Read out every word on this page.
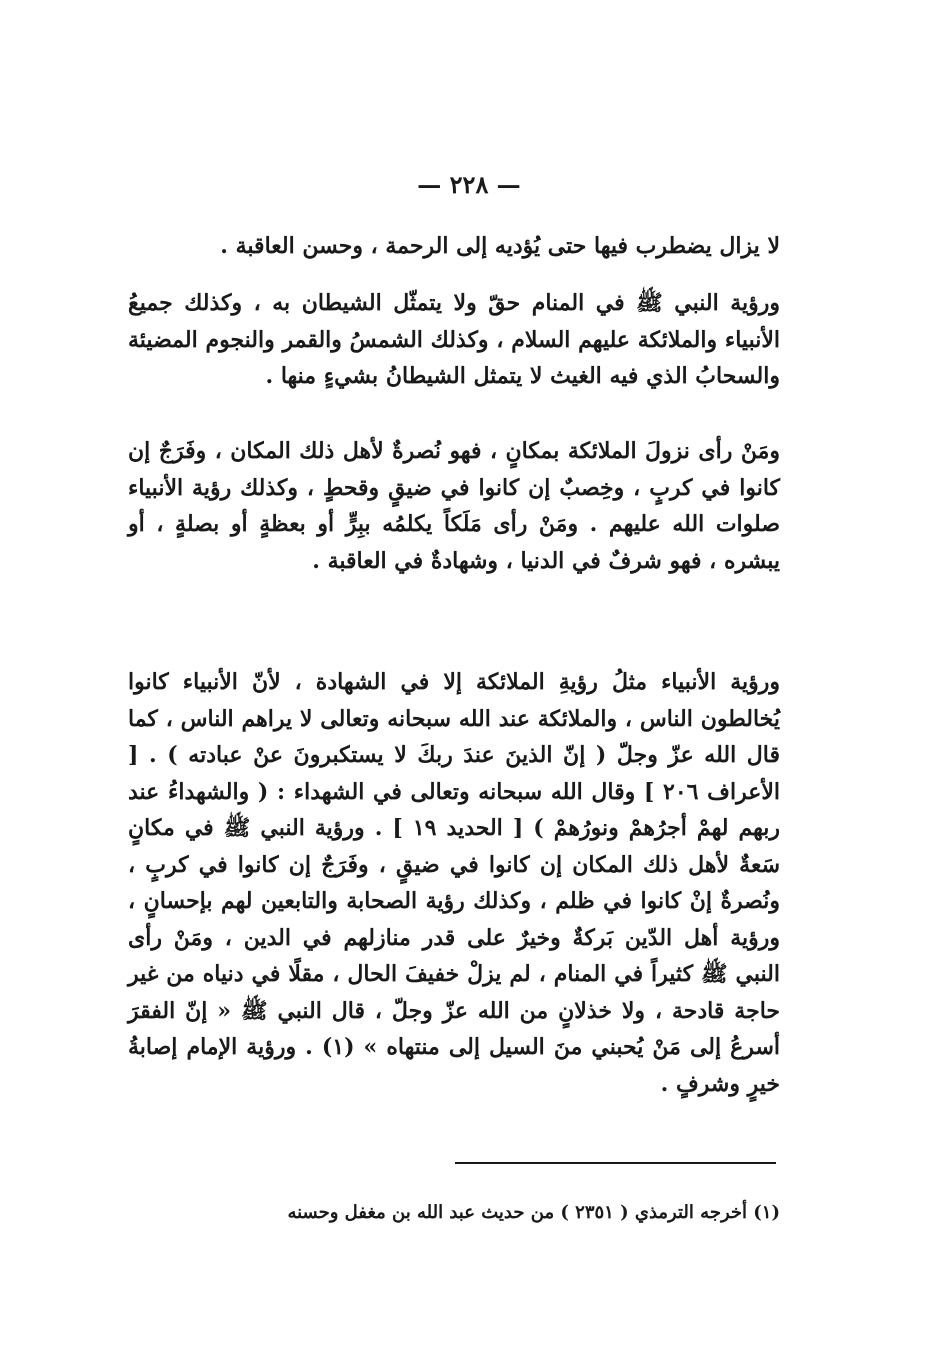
— ٢٢٨ —

لا يزال يضطرب فيها حتى يُؤديه إلى الرحمة ، وحسن العاقبة .

ورؤية النبي ﷺ في المنام حقّ ولا يتمثّل الشيطان به ، وكذلك جميعُ الأنبياء والملائكة عليهم السلام ، وكذلك الشمسُ والقمر والنجوم المضيئة والسحابُ الذي فيه الغيث لا يتمثل الشيطانُ بشيءٍ منها .

ومَنْ رأى نزولَ الملائكة بمكانٍ ، فهو نُصرةٌ لأهل ذلك المكان ، وفَرَجٌ إن كانوا في كربٍ ، وخِصبٌ إن كانوا في ضيقٍ وقحطٍ ، وكذلك رؤية الأنبياء صلوات الله عليهم . ومَنْ رأى مَلَكاً يكلمُه ببِرٍّ أو بعظةٍ أو بصلةٍ ، أو يبشره ، فهو شرفٌ في الدنيا ، وشهادةٌ في العاقبة .

ورؤية الأنبياء مثلُ رؤيةِ الملائكة إلا في الشهادة ، لأنّ الأنبياء كانوا يُخالطون الناس ، والملائكة عند الله سبحانه وتعالى لا يراهم الناس ، كما قال الله عزّ وجلّ ( إنّ الذينَ عندَ ربكَ لا يستكبرونَ عنْ عبادته ) . [ الأعراف ٢٠٦ ] وقال الله سبحانه وتعالى في الشهداء : ( والشهداءُ عند ربهم لهمْ أجرُهمْ ونورُهمْ ) [ الحديد ١٩ ] . ورؤية النبي ﷺ في مكانٍ سَعةٌ لأهل ذلك المكان إن كانوا في ضيقٍ ، وفَرَجٌ إن كانوا في كربٍ ، ونُصرةٌ إنْ كانوا في ظلم ، وكذلك رؤية الصحابة والتابعين لهم بإحسانٍ ، ورؤية أهل الدّين بَركةٌ وخيرٌ على قدر منازلهم في الدين ، ومَنْ رأى النبي ﷺ كثيراً في المنام ، لم يزلْ خفيفَ الحال ، مقلًا في دنياه من غير حاجة قادحة ، ولا خذلانٍ من الله عزّ وجلّ ، قال النبي ﷺ « إنّ الفقرَ أسرعُ إلى مَنْ يُحبني منَ السيل إلى منتهاه » (١) . ورؤية الإمام إصابةُ خيرٍ وشرفٍ .

(١) أخرجه الترمذي ( ٢٣٥١ ) من حديث عبد الله بن مغفل وحسنه
